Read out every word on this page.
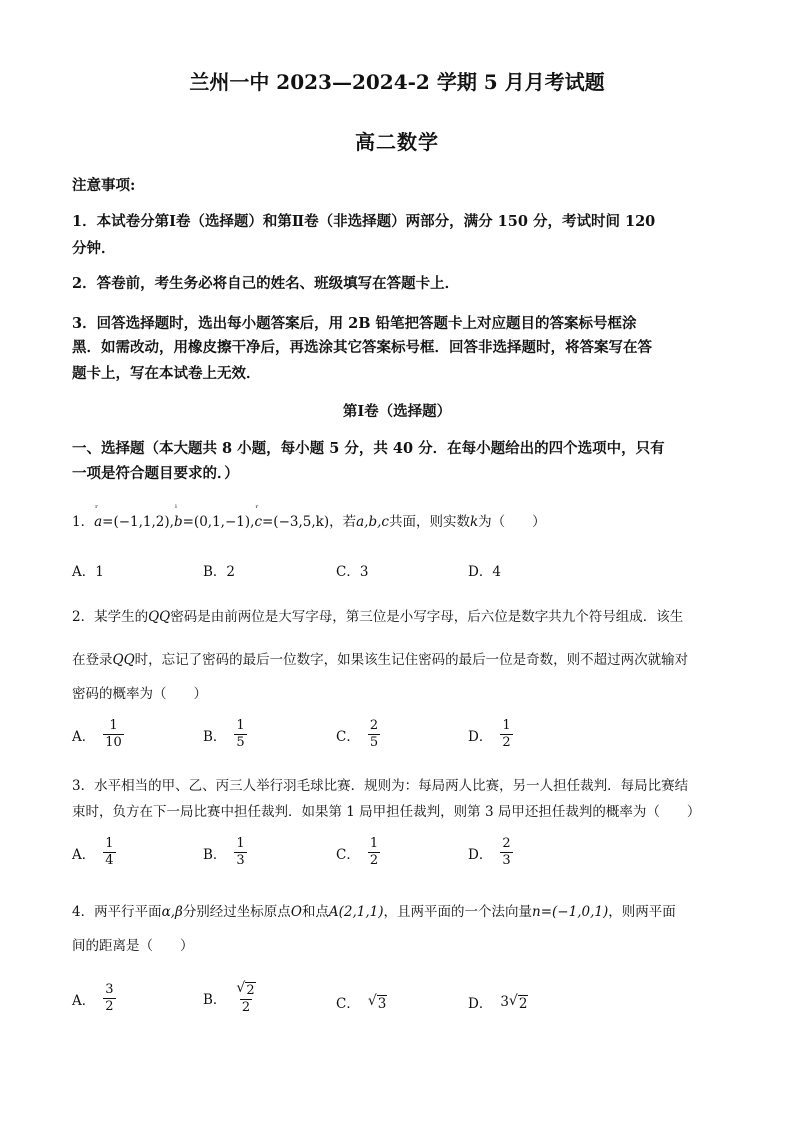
兰州一中 2023—2024-2 学期 5 月月考试题
高二数学
注意事项:
1．本试卷分第Ⅰ卷（选择题）和第Ⅱ卷（非选择题）两部分，满分 150 分，考试时间 120
分钟．
2．答卷前，考生务必将自己的姓名、班级填写在答题卡上．
3．回答选择题时，选出每小题答案后，用 2B 铅笔把答题卡上对应题目的答案标号框涂
黑．如需改动，用橡皮擦干净后，再选涂其它答案标号框．回答非选择题时，将答案写在答
题卡上，写在本试卷上无效．
第Ⅰ卷（选择题）
一、选择题（本大题共 8 小题，每小题 5 分，共 40 分．在每小题给出的四个选项中，只有
一项是符合题目要求的．）
1．
ʳ
a=(−1,1,2),
ˡ
b=(0,1,−1),
ʳ
c=(−3,5,k)，若a,b,c共面，则实数k为（　　）
A．1	B．2	C．3	D．4
2．某学生的QQ密码是由前两位是大写字母，第三位是小写字母，后六位是数字共九个符号组成．该生
在登录QQ时，忘记了密码的最后一位数字，如果该生记住密码的最后一位是奇数，则不超过两次就输对
密码的概率为（　　）
A． $\frac{1}{10}$	B． $\frac{1}{5}$	C． $\frac{2}{5}$	D． $\frac{1}{2}$
3．水平相当的甲、乙、丙三人举行羽毛球比赛．规则为：每局两人比赛，另一人担任裁判．每局比赛结
束时，负方在下一局比赛中担任裁判．如果第 1 局甲担任裁判，则第 3 局甲还担任裁判的概率为（　　）
A． $\frac{1}{4}$	B． $\frac{1}{3}$	C． $\frac{1}{2}$	D． $\frac{2}{3}$
4．两平行平面α,β分别经过坐标原点O和点A(2,1,1)，且两平面的一个法向量n=(−1,0,1)，则两平面
间的距离是（　　）
A． $\frac{3}{2}$	B． $\frac{√ 2}{2}$	C． √ 3	D． 3 √ 2
